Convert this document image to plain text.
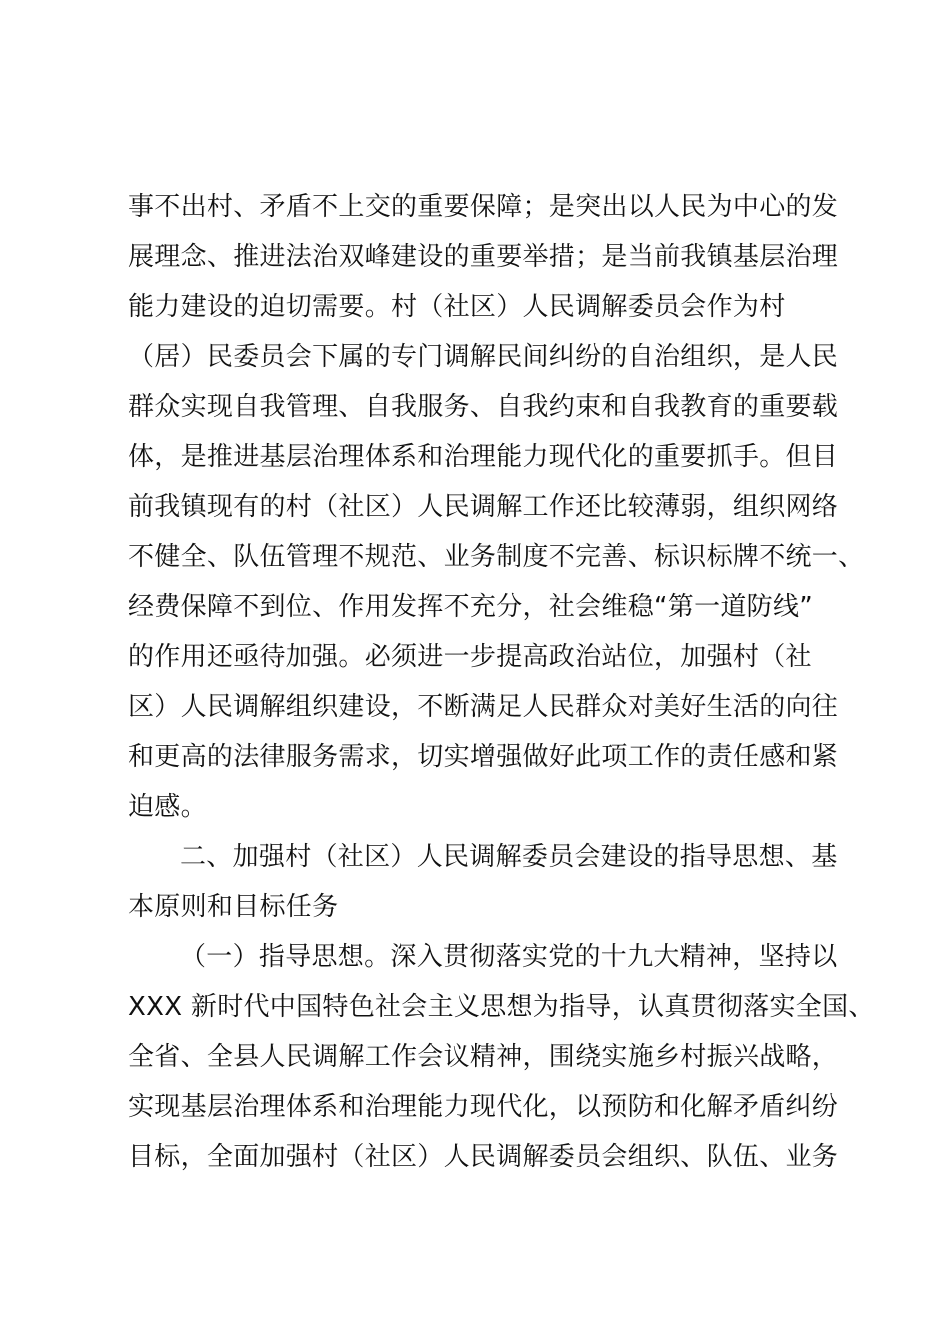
事不出村、矛盾不上交的重要保障；是突出以人民为中心的发
展理念、推进法治双峰建设的重要举措；是当前我镇基层治理
能力建设的迫切需要。村（社区）人民调解委员会作为村
（居）民委员会下属的专门调解民间纠纷的自治组织，是人民
群众实现自我管理、自我服务、自我约束和自我教育的重要载
体，是推进基层治理体系和治理能力现代化的重要抓手。但目
前我镇现有的村（社区）人民调解工作还比较薄弱，组织网络
不健全、队伍管理不规范、业务制度不完善、标识标牌不统一、
经费保障不到位、作用发挥不充分，社会维稳“第一道防线”
的作用还亟待加强。必须进一步提高政治站位，加强村（社
区）人民调解组织建设，不断满足人民群众对美好生活的向往
和更高的法律服务需求，切实增强做好此项工作的责任感和紧
迫感。
二、加强村（社区）人民调解委员会建设的指导思想、基
本原则和目标任务
（一）指导思想。深入贯彻落实党的十九大精神，坚持以
XXX 新时代中国特色社会主义思想为指导，认真贯彻落实全国、
全省、全县人民调解工作会议精神，围绕实施乡村振兴战略，
实现基层治理体系和治理能力现代化，以预防和化解矛盾纠纷
目标，全面加强村（社区）人民调解委员会组织、队伍、业务
